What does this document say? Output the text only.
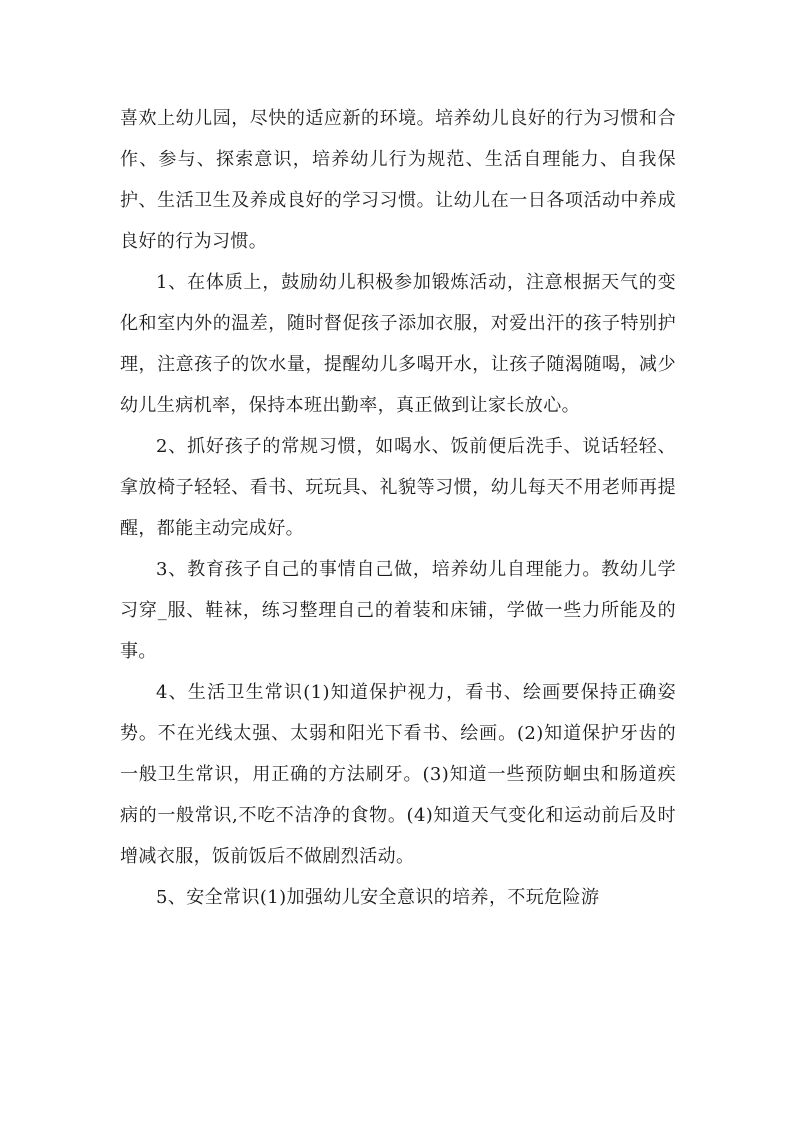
喜欢上幼儿园，尽快的适应新的环境。培养幼儿良好的行为习惯和合作、参与、探索意识，培养幼儿行为规范、生活自理能力、自我保护、生活卫生及养成良好的学习习惯。让幼儿在一日各项活动中养成良好的行为习惯。

1、在体质上，鼓励幼儿积极参加锻炼活动，注意根据天气的变化和室内外的温差，随时督促孩子添加衣服，对爱出汗的孩子特别护理，注意孩子的饮水量，提醒幼儿多喝开水，让孩子随渴随喝，减少幼儿生病机率，保持本班出勤率，真正做到让家长放心。

2、抓好孩子的常规习惯，如喝水、饭前便后洗手、说话轻轻、拿放椅子轻轻、看书、玩玩具、礼貌等习惯，幼儿每天不用老师再提醒，都能主动完成好。

3、教育孩子自己的事情自己做，培养幼儿自理能力。教幼儿学习穿_服、鞋袜，练习整理自己的着装和床铺，学做一些力所能及的事。

4、生活卫生常识(1)知道保护视力，看书、绘画要保持正确姿势。不在光线太强、太弱和阳光下看书、绘画。(2)知道保护牙齿的一般卫生常识，用正确的方法刷牙。(3)知道一些预防蛔虫和肠道疾病的一般常识,不吃不洁净的食物。(4)知道天气变化和运动前后及时增减衣服，饭前饭后不做剧烈活动。

5、安全常识(1)加强幼儿安全意识的培养，不玩危险游
